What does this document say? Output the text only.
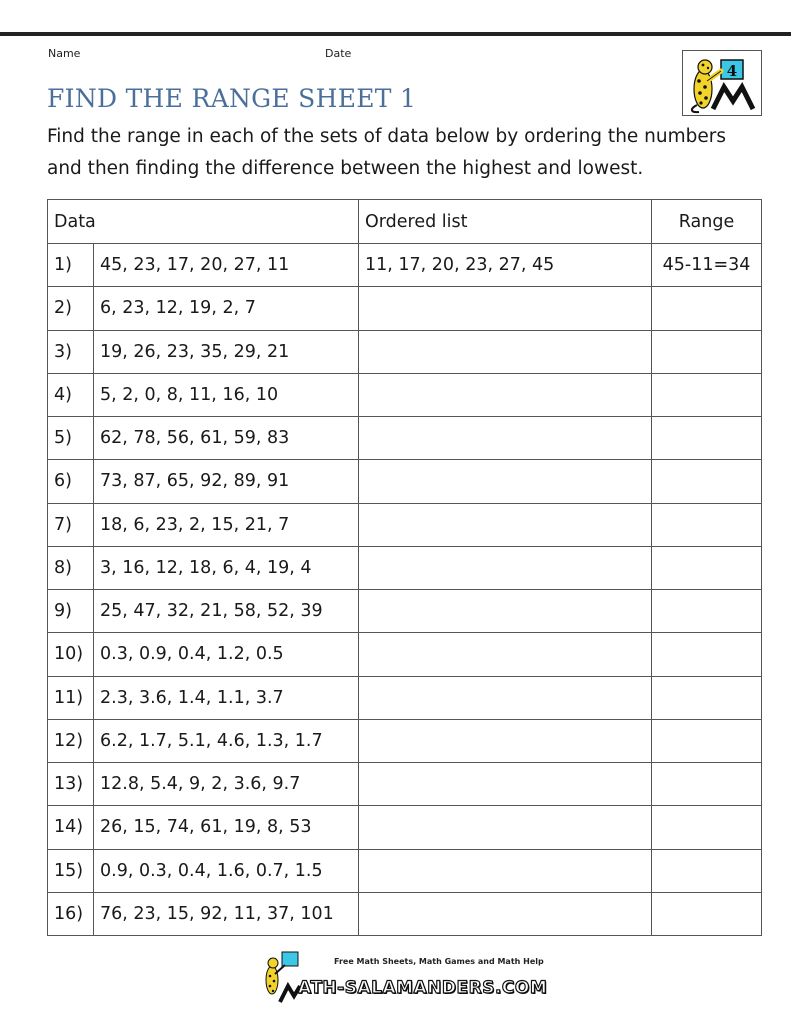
Name	Date
4
FIND THE RANGE SHEET 1

Find the range in each of the sets of data below by ordering the numbers and then finding the difference between the highest and lowest.

Data		Ordered list	Range
1)	45, 23, 17, 20, 27, 11	11, 17, 20, 23, 27, 45	45-11=34
2)	6, 23, 12, 19, 2, 7		
3)	19, 26, 23, 35, 29, 21		
4)	5, 2, 0, 8, 11, 16, 10		
5)	62, 78, 56, 61, 59, 83		
6)	73, 87, 65, 92, 89, 91		
7)	18, 6, 23, 2, 15, 21, 7		
8)	3, 16, 12, 18, 6, 4, 19, 4		
9)	25, 47, 32, 21, 58, 52, 39		
10)	0.3, 0.9, 0.4, 1.2, 0.5		
11)	2.3, 3.6, 1.4, 1.1, 3.7		
12)	6.2, 1.7, 5.1, 4.6, 1.3, 1.7		
13)	12.8, 5.4, 9, 2, 3.6, 9.7		
14)	26, 15, 74, 61, 19, 8, 53		
15)	0.9, 0.3, 0.4, 1.6, 0.7, 1.5		
16)	76, 23, 15, 92, 11, 37, 101		
Free Math Sheets, Math Games and Math Help
ATH-SALAMANDERS.COM
